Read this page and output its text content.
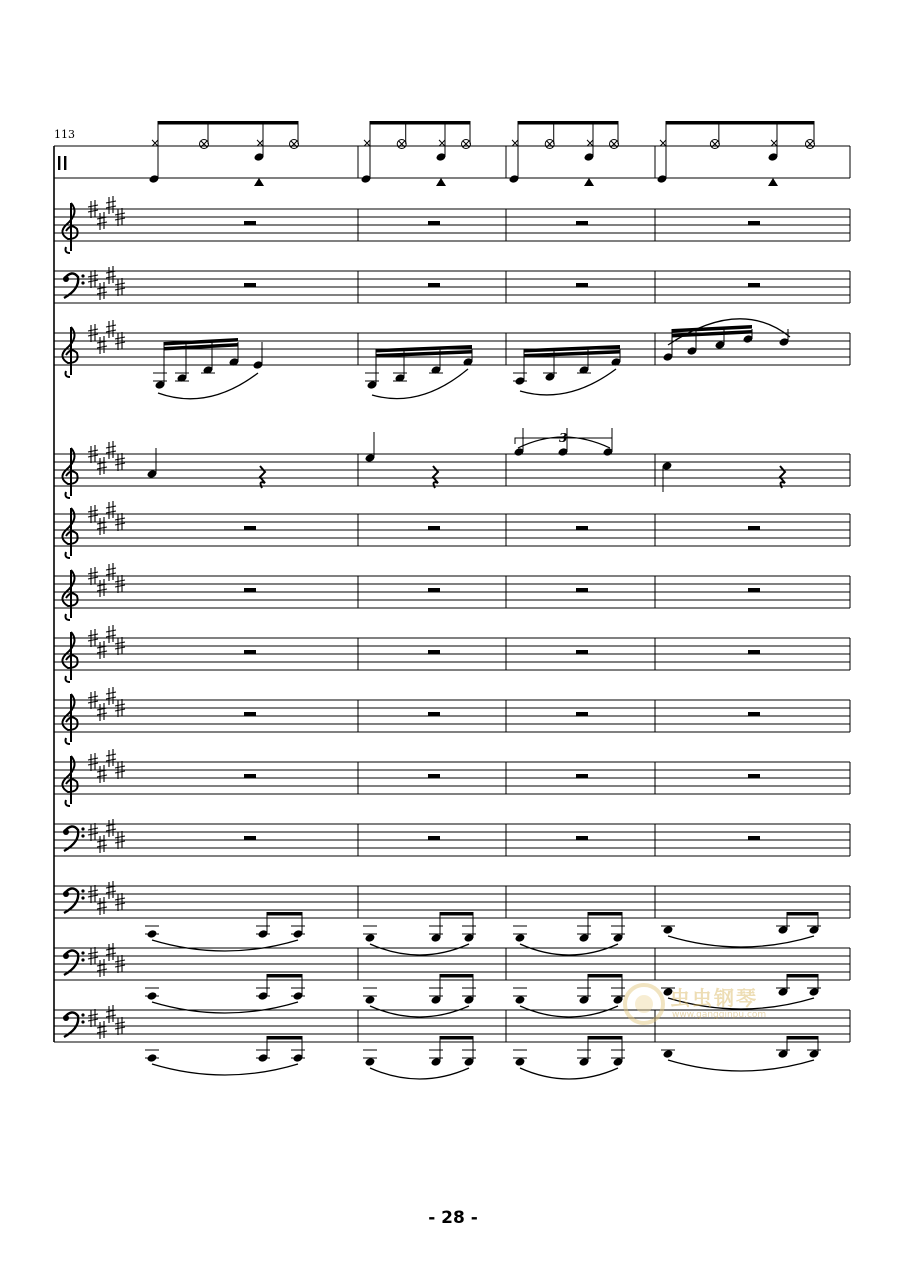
113
×	×	×	×	×	×	×	×
3
虫虫钢琴
www.gangqinpu.com
- 28 -
